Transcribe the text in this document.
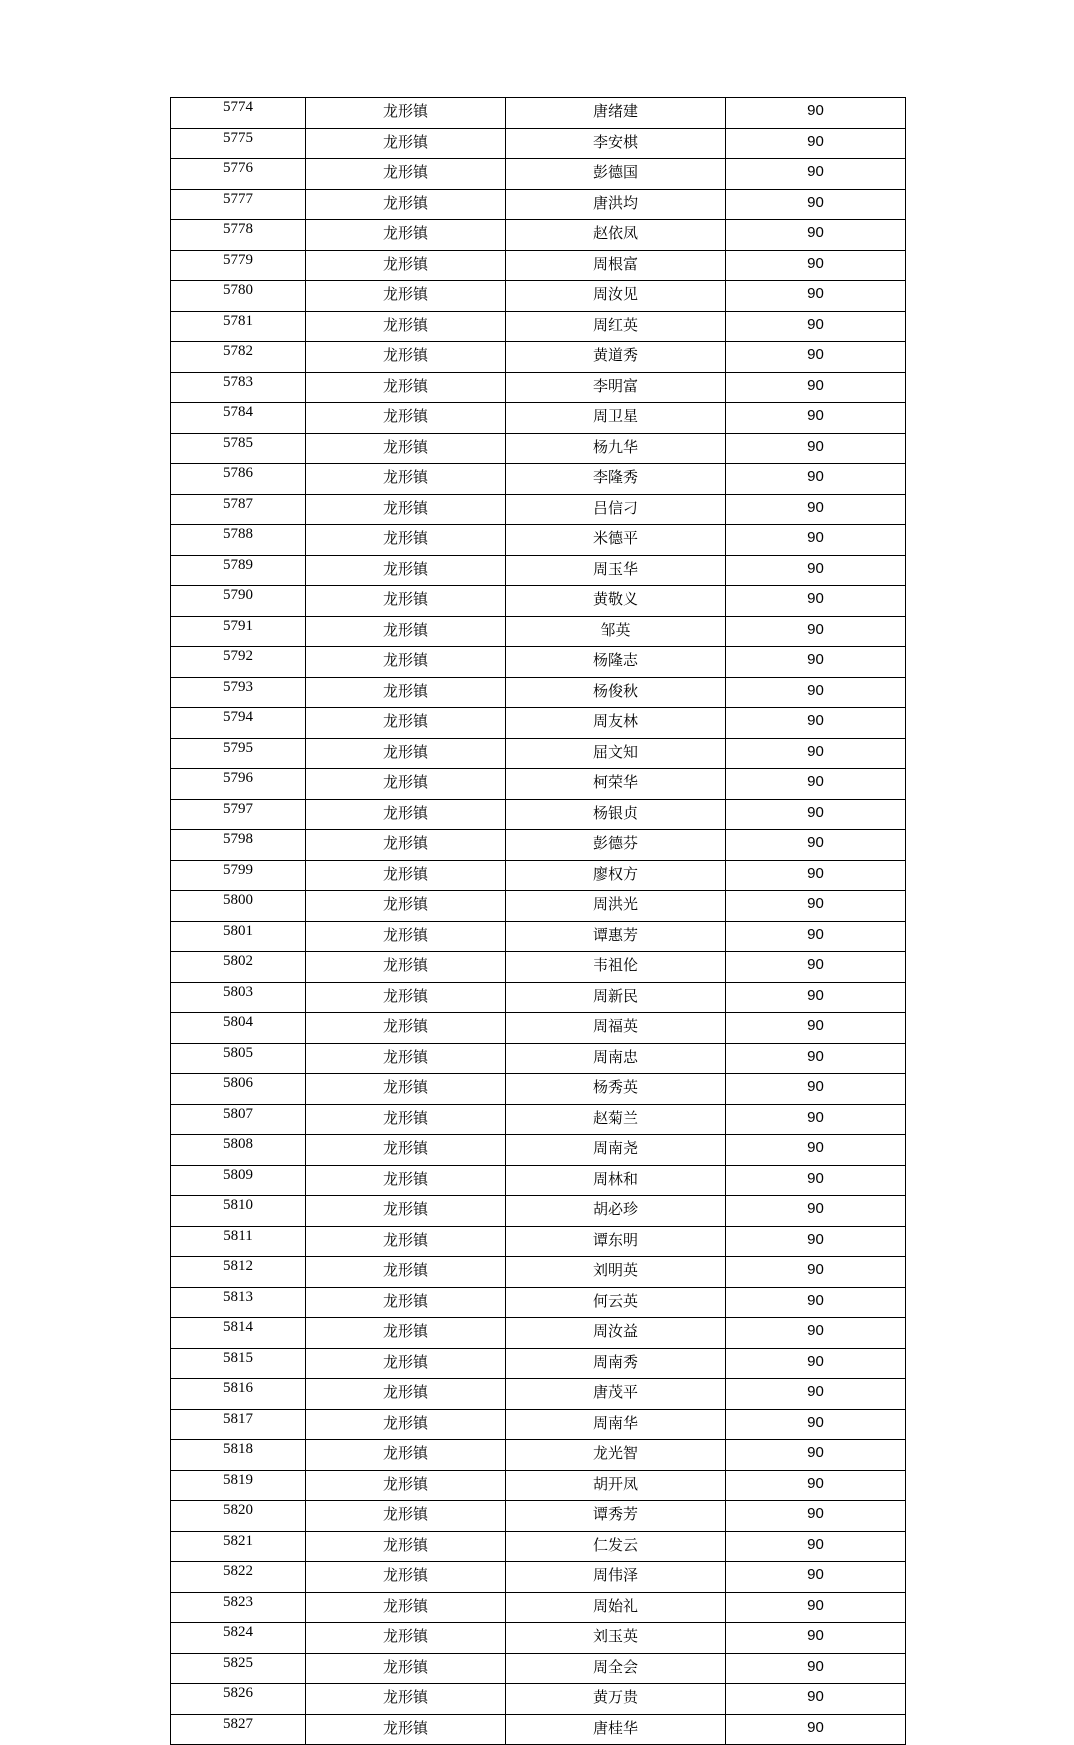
5774	龙形镇	唐绪建	90
5775	龙形镇	李安棋	90
5776	龙形镇	彭德国	90
5777	龙形镇	唐洪均	90
5778	龙形镇	赵依凤	90
5779	龙形镇	周根富	90
5780	龙形镇	周汝见	90
5781	龙形镇	周红英	90
5782	龙形镇	黄道秀	90
5783	龙形镇	李明富	90
5784	龙形镇	周卫星	90
5785	龙形镇	杨九华	90
5786	龙形镇	李隆秀	90
5787	龙形镇	吕信刁	90
5788	龙形镇	米德平	90
5789	龙形镇	周玉华	90
5790	龙形镇	黄敬义	90
5791	龙形镇	邹英	90
5792	龙形镇	杨隆志	90
5793	龙形镇	杨俊秋	90
5794	龙形镇	周友林	90
5795	龙形镇	屈文知	90
5796	龙形镇	柯荣华	90
5797	龙形镇	杨银贞	90
5798	龙形镇	彭德芬	90
5799	龙形镇	廖权方	90
5800	龙形镇	周洪光	90
5801	龙形镇	谭惠芳	90
5802	龙形镇	韦祖伦	90
5803	龙形镇	周新民	90
5804	龙形镇	周福英	90
5805	龙形镇	周南忠	90
5806	龙形镇	杨秀英	90
5807	龙形镇	赵菊兰	90
5808	龙形镇	周南尧	90
5809	龙形镇	周林和	90
5810	龙形镇	胡必珍	90
5811	龙形镇	谭东明	90
5812	龙形镇	刘明英	90
5813	龙形镇	何云英	90
5814	龙形镇	周汝益	90
5815	龙形镇	周南秀	90
5816	龙形镇	唐茂平	90
5817	龙形镇	周南华	90
5818	龙形镇	龙光智	90
5819	龙形镇	胡开凤	90
5820	龙形镇	谭秀芳	90
5821	龙形镇	仁发云	90
5822	龙形镇	周伟泽	90
5823	龙形镇	周始礼	90
5824	龙形镇	刘玉英	90
5825	龙形镇	周全会	90
5826	龙形镇	黄万贵	90
5827	龙形镇	唐桂华	90
